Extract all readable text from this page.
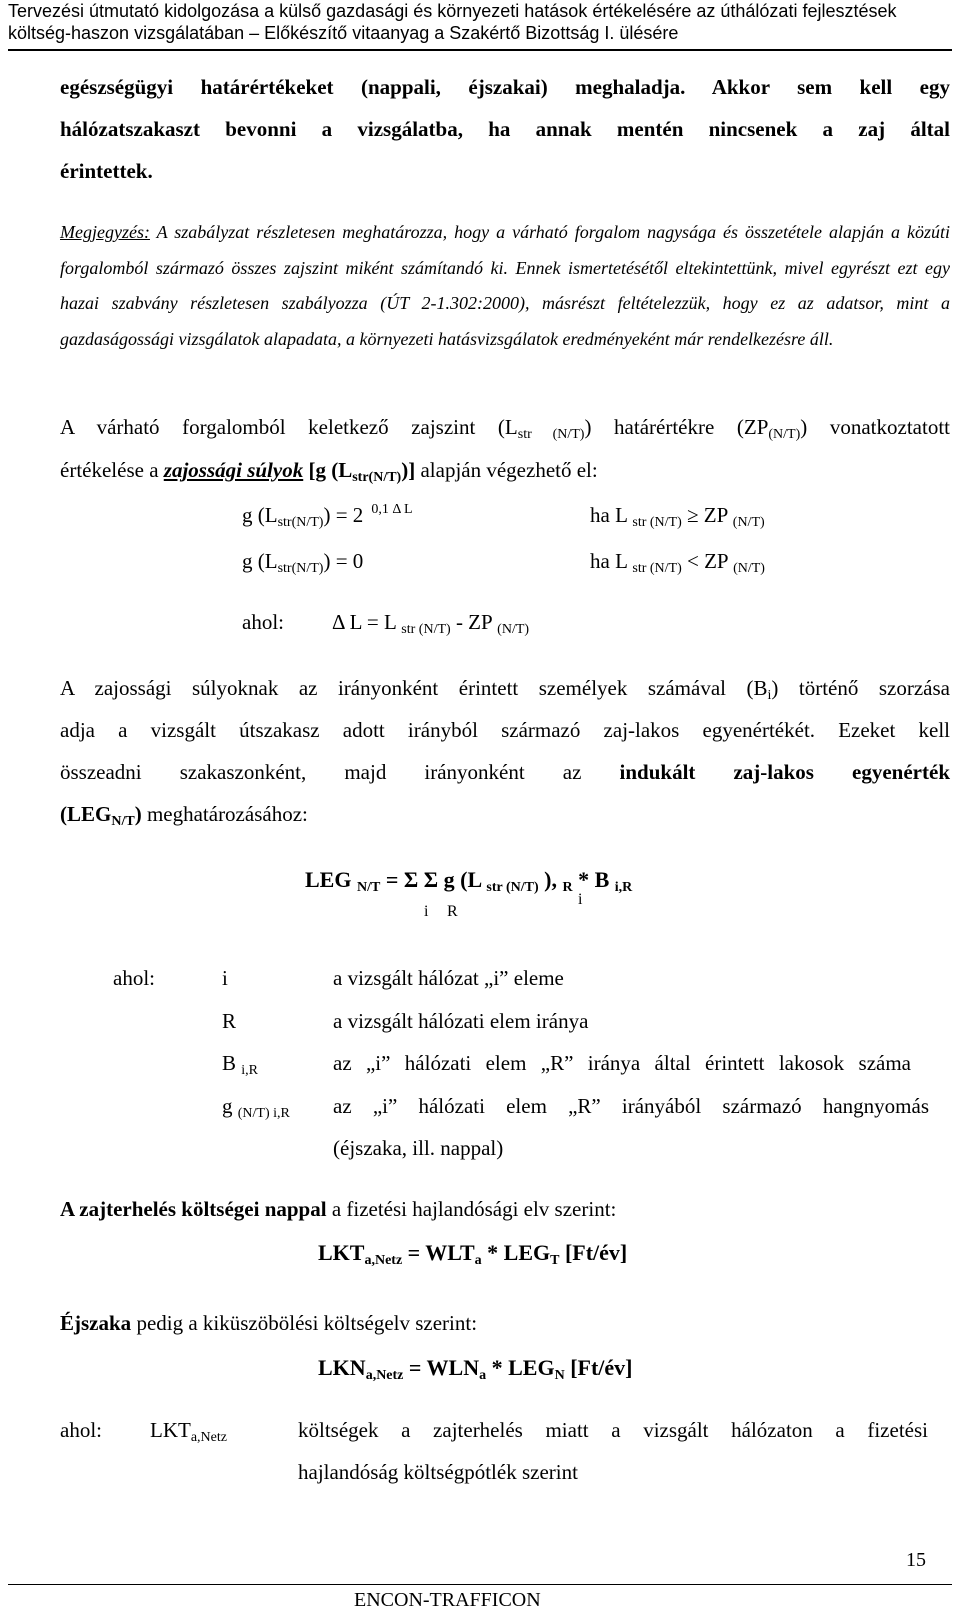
Tervezési útmutató kidolgozása a külső gazdasági és környezeti hatások értékelésére az úthálózati fejlesztések
költség-haszon vizsgálatában – Előkészítő vitaanyag a Szakértő Bizottság I. ülésére
egészségügyi határértékeket (nappali, éjszakai) meghaladja. Akkor sem kell egy
hálózatszakaszt bevonni a vizsgálatba, ha annak mentén nincsenek a zaj által
érintettek.
Megjegyzés: A szabályzat részletesen meghatározza, hogy a várható forgalom nagysága és összetétele alapján a közúti forgalomból származó összes zajszint miként számítandó ki. Ennek ismertetésétől eltekintettünk, mivel egyrészt ezt egy hazai szabvány részletesen szabályozza (ÚT 2-1.302:2000), másrészt feltételezzük, hogy ez az adatsor, mint a gazdaságossági vizsgálatok alapadata, a környezeti hatásvizsgálatok eredményeként már rendelkezésre áll.
A várható forgalomból keletkező zajszint $(L_{str (N/T)})$ határértékre $(ZP_{(N/T)})$ vonatkoztatott
értékelése a zajossági súlyok [g $(L_{str(N/T)})$] alapján végezhető el:
g $(L_{str(N/T)}) = 2$ $^{0,1 \Delta L}$	ha L $_{str (N/T)}$ ≥ ZP $_{(N/T)}$
g $(L_{str(N/T)}) = 0$	ha L $_{str (N/T)}$ < ZP $_{(N/T)}$
ahol: Δ L = L $_{str (N/T)}$ - ZP $_{(N/T)}$
A zajossági súlyoknak az irányonként érintett személyek számával $(B_i)$ történő szorzása
adja a vizsgált útszakasz adott irányból származó zaj-lakos egyenértékét. Ezeket kell
összeadni szakaszonként, majd irányonként az indukált zaj-lakos egyenérték
$(LEG_{N/T})$ meghatározásához:
LEG $_{N/T}$ = Σ Σ g (L $_{str (N/T)}$ ), $_R$ * B $_{i,R}$
i R
i
ahol:	i	a vizsgált hálózat „i” eleme
R	a vizsgált hálózati elem iránya
B $_{i,R}$	az „i” hálózati elem „R” iránya által érintett lakosok száma
g $_{(N/T) i,R}$ az „i” hálózati elem „R” irányából származó hangnyomás
(éjszaka, ill. nappal)
A zajterhelés költségei nappal a fizetési hajlandósági elv szerint:
$LKT_{a,Netz} = WLT_a * LEG_T$ [Ft/év]
Éjszaka pedig a kiküszöbölési költségelv szerint:
$LKN_{a,Netz} = WLN_a * LEG_N$ [Ft/év]
ahol: $LKT_{a,Netz}$	költségek a zajterhelés miatt a vizsgált hálózaton a fizetési
hajlandóság költségpótlék szerint
15
ENCON-TRAFFICON
